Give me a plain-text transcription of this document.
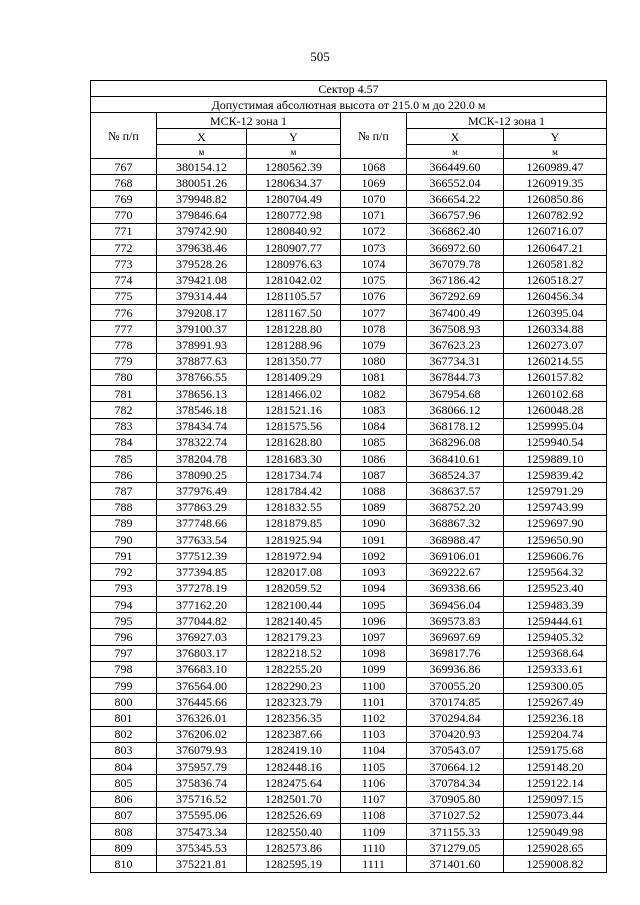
505
Сектор 4.57					
Допустимая абсолютная высота от 215.0 м до 220.0 м					
№ п/п	МСК-12 зона 1		№ п/п	МСК-12 зона 1	
	X	Y		X	Y
	м	м		м	м
767	380154.12	1280562.39	1068	366449.60	1260989.47
768	380051.26	1280634.37	1069	366552.04	1260919.35
769	379948.82	1280704.49	1070	366654.22	1260850.86
770	379846.64	1280772.98	1071	366757.96	1260782.92
771	379742.90	1280840.92	1072	366862.40	1260716.07
772	379638.46	1280907.77	1073	366972.60	1260647.21
773	379528.26	1280976.63	1074	367079.78	1260581.82
774	379421.08	1281042.02	1075	367186.42	1260518.27
775	379314.44	1281105.57	1076	367292.69	1260456.34
776	379208.17	1281167.50	1077	367400.49	1260395.04
777	379100.37	1281228.80	1078	367508.93	1260334.88
778	378991.93	1281288.96	1079	367623.23	1260273.07
779	378877.63	1281350.77	1080	367734.31	1260214.55
780	378766.55	1281409.29	1081	367844.73	1260157.82
781	378656.13	1281466.02	1082	367954.68	1260102.68
782	378546.18	1281521.16	1083	368066.12	1260048.28
783	378434.74	1281575.56	1084	368178.12	1259995.04
784	378322.74	1281628.80	1085	368296.08	1259940.54
785	378204.78	1281683.30	1086	368410.61	1259889.10
786	378090.25	1281734.74	1087	368524.37	1259839.42
787	377976.49	1281784.42	1088	368637.57	1259791.29
788	377863.29	1281832.55	1089	368752.20	1259743.99
789	377748.66	1281879.85	1090	368867.32	1259697.90
790	377633.54	1281925.94	1091	368988.47	1259650.90
791	377512.39	1281972.94	1092	369106.01	1259606.76
792	377394.85	1282017.08	1093	369222.67	1259564.32
793	377278.19	1282059.52	1094	369338.66	1259523.40
794	377162.20	1282100.44	1095	369456.04	1259483.39
795	377044.82	1282140.45	1096	369573.83	1259444.61
796	376927.03	1282179.23	1097	369697.69	1259405.32
797	376803.17	1282218.52	1098	369817.76	1259368.64
798	376683.10	1282255.20	1099	369936.86	1259333.61
799	376564.00	1282290.23	1100	370055.20	1259300.05
800	376445.66	1282323.79	1101	370174.85	1259267.49
801	376326.01	1282356.35	1102	370294.84	1259236.18
802	376206.02	1282387.66	1103	370420.93	1259204.74
803	376079.93	1282419.10	1104	370543.07	1259175.68
804	375957.79	1282448.16	1105	370664.12	1259148.20
805	375836.74	1282475.64	1106	370784.34	1259122.14
806	375716.52	1282501.70	1107	370905.80	1259097.15
807	375595.06	1282526.69	1108	371027.52	1259073.44
808	375473.34	1282550.40	1109	371155.33	1259049.98
809	375345.53	1282573.86	1110	371279.05	1259028.65
810	375221.81	1282595.19	1111	371401.60	1259008.82
